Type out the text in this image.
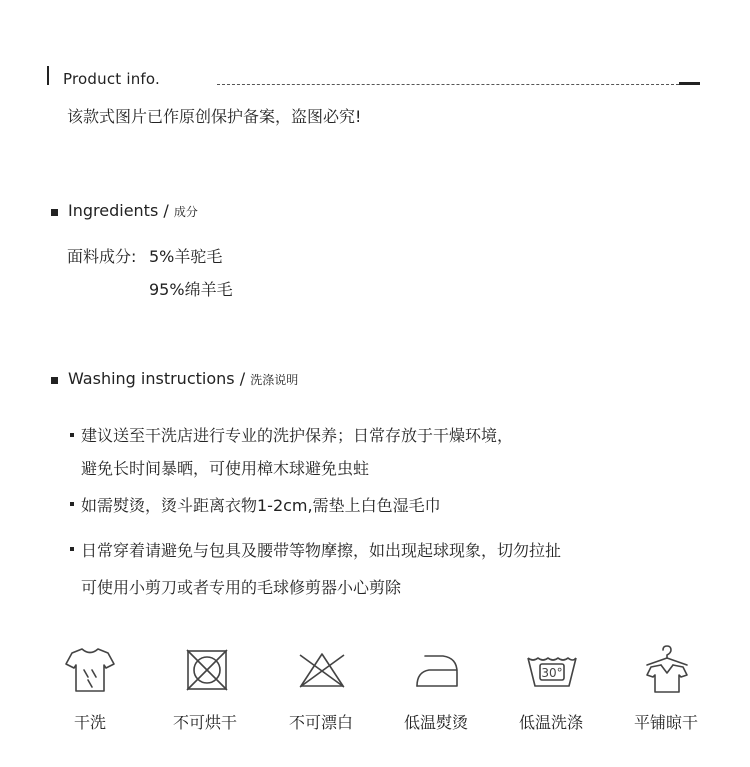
Product info.
该款式图片已作原创保护备案，盗图必究!
Ingredients / 成分
面料成分: 5%羊驼毛
95%绵羊毛
Washing instructions / 洗涤说明
建议送至干洗店进行专业的洗护保养；日常存放于干燥环境，
避免长时间暴晒，可使用樟木球避免虫蛀
如需熨烫，烫斗距离衣物1-2cm,需垫上白色湿毛巾
日常穿着请避免与包具及腰带等物摩擦，如出现起球现象，切勿拉扯
可使用小剪刀或者专用的毛球修剪器小心剪除
干洗	不可烘干	不可漂白	低温熨烫
30°
低温洗涤	平铺晾干
